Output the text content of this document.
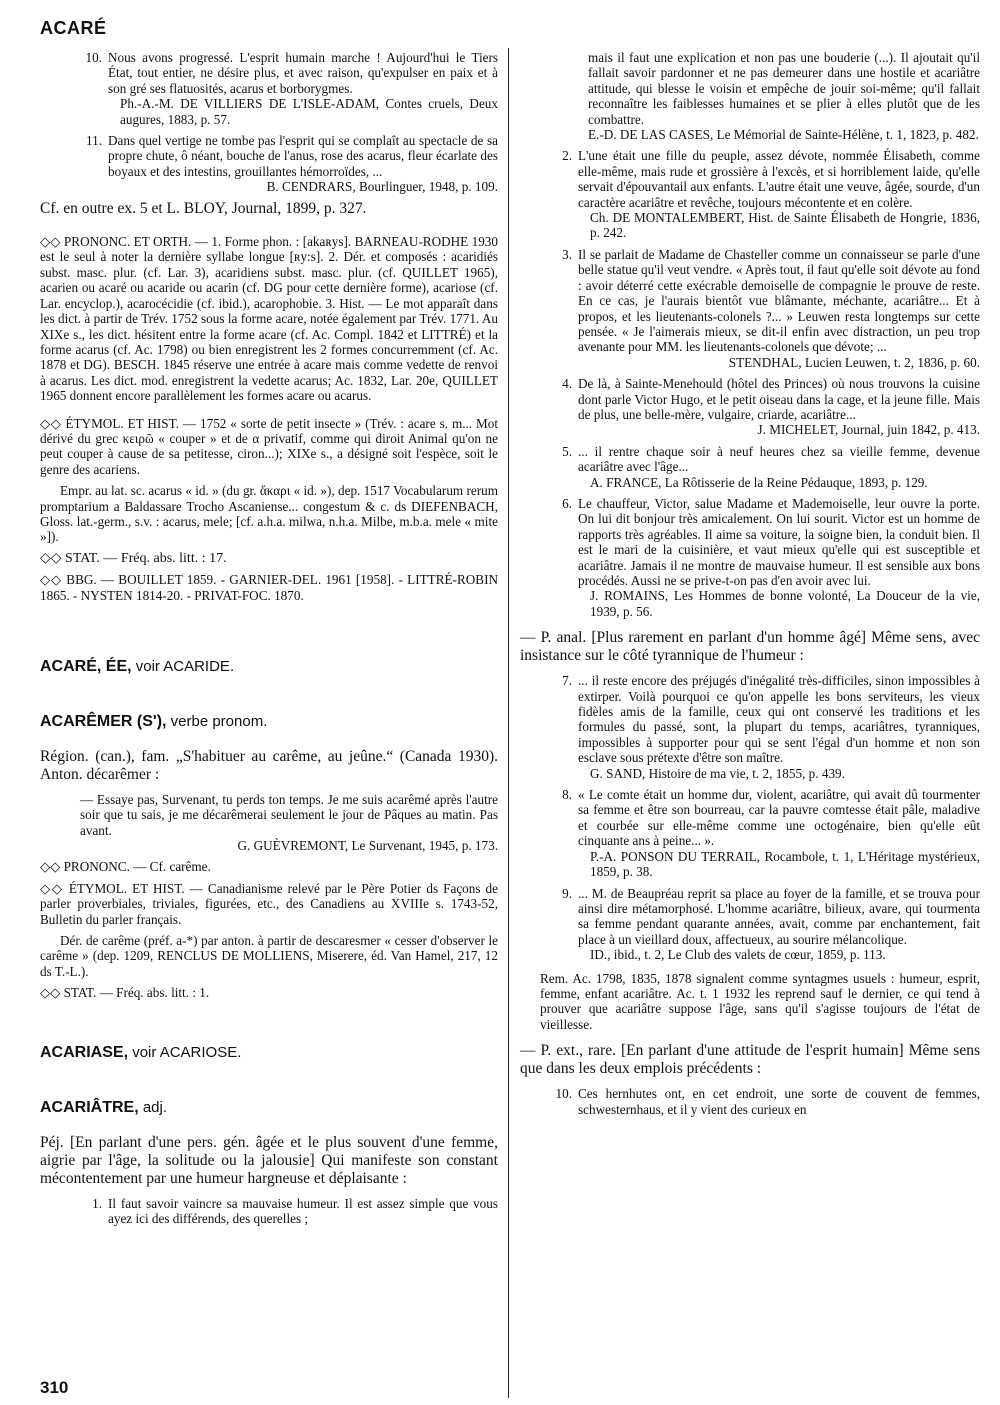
ACARÉ
10. Nous avons progressé. L'esprit humain marche ! Aujourd'hui le Tiers État, tout entier, ne désire plus, et avec raison, qu'expulser en paix et à son gré ses flatuosités, acarus et borborygmes.
Ph.-A.-M. DE VILLIERS DE L'ISLE-ADAM, Contes cruels, Deux augures, 1883, p. 57.
11. Dans quel vertige ne tombe pas l'esprit qui se complaît au spectacle de sa propre chute, ô néant, bouche de l'anus, rose des acarus, fleur écarlate des boyaux et des intestins, grouillantes hémorroïdes, ...
B. CENDRARS, Bourlinguer, 1948, p. 109.
Cf. en outre ex. 5 et L. BLOY, Journal, 1899, p. 327.
◇◇ PRONONC. ET ORTH. — 1. Forme phon. : [akaʀys]. BARNEAU-RODHE 1930 est le seul à noter la dernière syllabe longue [ʀy:s]. 2. Dér. et composés : acaridiés subst. masc. plur. (cf. Lar. 3), acaridiens subst. masc. plur. (cf. QUILLET 1965), acarien ou acaré ou acaride ou acarin (cf. DG pour cette dernière forme), acariose (cf. Lar. encyclop.), acarocécidie (cf. ibid.), acarophobie. 3. Hist. — Le mot apparaît dans les dict. à partir de Trév. 1752 sous la forme acare, notée également par Trév. 1771. Au XIXe s., les dict. hésitent entre la forme acare (cf. Ac. Compl. 1842 et LITTRÉ) et la forme acarus (cf. Ac. 1798) ou bien enregistrent les 2 formes concurremment (cf. Ac. 1878 et DG). BESCH. 1845 réserve une entrée à acare mais comme vedette de renvoi à acarus. Les dict. mod. enregistrent la vedette acarus; Ac. 1832, Lar. 20e, QUILLET 1965 donnent encore parallèlement les formes acare ou acarus.
◇◇ ÉTYMOL. ET HIST. — 1752 « sorte de petit insecte » (Trév. : acare s. m... Mot dérivé du grec κειρῶ « couper » et de α privatif, comme qui diroit Animal qu'on ne peut couper à cause de sa petitesse, ciron...); XIXe s., a désigné soit l'espèce, soit le genre des acariens.
Empr. au lat. sc. acarus « id. » (du gr. ἄκαρι « id. »), dep. 1517 Vocabularum rerum promptarium a Baldassare Trocho Ascaniense... congestum & c. ds DIEFENBACH, Gloss. lat.-germ., s.v. : acarus, mele; [cf. a.h.a. milwa, n.h.a. Milbe, m.b.a. mele « mite »]).
◇◇ STAT. — Fréq. abs. litt. : 17.
◇◇ BBG. — BOUILLET 1859. - GARNIER-DEL. 1961 [1958]. - LITTRÉ-ROBIN 1865. - NYSTEN 1814-20. - PRIVAT-FOC. 1870.
ACARÉ, ÉE, voir ACARIDE.
ACARÊMER (S'), verbe pronom.
Région. (can.), fam. „S'habituer au carême, au jeûne.“ (Canada 1930). Anton. décarêmer :
— Essaye pas, Survenant, tu perds ton temps. Je me suis acarêmé après l'autre soir que tu sais, je me décarêmerai seulement le jour de Pâques au matin. Pas avant.
G. GUÈVREMONT, Le Survenant, 1945, p. 173.
◇◇ PRONONC. — Cf. carême.
◇◇ ÉTYMOL. ET HIST. — Canadianisme relevé par le Père Potier ds Façons de parler proverbiales, triviales, figurées, etc., des Canadiens au XVIIIe s. 1743-52, Bulletin du parler français.
Dér. de carême (préf. a-*) par anton. à partir de descaresmer « cesser d'observer le carême » (dep. 1209, RENCLUS DE MOLLIENS, Miserere, éd. Van Hamel, 217, 12 ds T.-L.).
◇◇ STAT. — Fréq. abs. litt. : 1.
ACARIASE, voir ACARIOSE.
ACARIÂTRE, adj.
Péj. [En parlant d'une pers. gén. âgée et le plus souvent d'une femme, aigrie par l'âge, la solitude ou la jalousie] Qui manifeste son constant mécontentement par une humeur hargneuse et déplaisante :
1. Il faut savoir vaincre sa mauvaise humeur. Il est assez simple que vous ayez ici des différends, des querelles ;
mais il faut une explication et non pas une bouderie (...). Il ajoutait qu'il fallait savoir pardonner et ne pas demeurer dans une hostile et acariâtre attitude, qui blesse le voisin et empêche de jouir soi-même; qu'il fallait reconnaître les faiblesses humaines et se plier à elles plutôt que de les combattre.
E.-D. DE LAS CASES, Le Mémorial de Sainte-Hélène, t. 1, 1823, p. 482.
2. L'une était une fille du peuple, assez dévote, nommée Élisabeth, comme elle-même, mais rude et grossière à l'excès, et si horriblement laide, qu'elle servait d'épouvantail aux enfants. L'autre était une veuve, âgée, sourde, d'un caractère acariâtre et revêche, toujours mécontente et en colère.
Ch. DE MONTALEMBERT, Hist. de Sainte Élisabeth de Hongrie, 1836, p. 242.
3. Il se parlait de Madame de Chasteller comme un connaisseur se parle d'une belle statue qu'il veut vendre. « Après tout, il faut qu'elle soit dévote au fond : avoir déterré cette exécrable demoiselle de compagnie le prouve de reste. En ce cas, je l'aurais bientôt vue blâmante, méchante, acariâtre... Et à propos, et les lieutenants-colonels ?... » Leuwen resta longtemps sur cette pensée. « Je l'aimerais mieux, se dit-il enfin avec distraction, un peu trop avenante pour MM. les lieutenants-colonels que dévote; ...
STENDHAL, Lucien Leuwen, t. 2, 1836, p. 60.
4. De là, à Sainte-Menehould (hôtel des Princes) où nous trouvons la cuisine dont parle Victor Hugo, et le petit oiseau dans la cage, et la jeune fille. Mais de plus, une belle-mère, vulgaire, criarde, acariâtre...
J. MICHELET, Journal, juin 1842, p. 413.
5. ... il rentre chaque soir à neuf heures chez sa vieille femme, devenue acariâtre avec l'âge...
A. FRANCE, La Rôtisserie de la Reine Pédauque, 1893, p. 129.
6. Le chauffeur, Victor, salue Madame et Mademoiselle, leur ouvre la porte. On lui dit bonjour très amicalement. On lui sourit. Victor est un homme de rapports très agréables. Il aime sa voiture, la soigne bien, la conduit bien. Il est le mari de la cuisinière, et vaut mieux qu'elle qui est susceptible et acariâtre. Jamais il ne montre de mauvaise humeur. Il est sensible aux bons procédés. Aussi ne se prive-t-on pas d'en avoir avec lui.
J. ROMAINS, Les Hommes de bonne volonté, La Douceur de la vie, 1939, p. 56.
— P. anal. [Plus rarement en parlant d'un homme âgé] Même sens, avec insistance sur le côté tyrannique de l'humeur :
7. ... il reste encore des préjugés d'inégalité très-difficiles, sinon impossibles à extirper. Voilà pourquoi ce qu'on appelle les bons serviteurs, les vieux fidèles amis de la famille, ceux qui ont conservé les traditions et les formules du passé, sont, la plupart du temps, acariâtres, tyranniques, impossibles à supporter pour qui se sent l'égal d'un homme et non son esclave sous prétexte d'être son maître.
G. SAND, Histoire de ma vie, t. 2, 1855, p. 439.
8. « Le comte était un homme dur, violent, acariâtre, qui avait dû tourmenter sa femme et être son bourreau, car la pauvre comtesse était pâle, maladive et courbée sur elle-même comme une octogénaire, bien qu'elle eût cinquante ans à peine... ».
P.-A. PONSON DU TERRAIL, Rocambole, t. 1, L'Héritage mystérieux, 1859, p. 38.
9. ... M. de Beaupréau reprit sa place au foyer de la famille, et se trouva pour ainsi dire métamorphosé. L'homme acariâtre, bilieux, avare, qui tourmenta sa femme pendant quarante années, avait, comme par enchantement, fait place à un vieillard doux, affectueux, au sourire mélancolique.
ID., ibid., t. 2, Le Club des valets de cœur, 1859, p. 113.
Rem. Ac. 1798, 1835, 1878 signalent comme syntagmes usuels : humeur, esprit, femme, enfant acariâtre. Ac. t. 1 1932 les reprend sauf le dernier, ce qui tend à prouver que acariâtre suppose l'âge, sans qu'il s'agisse toujours de l'état de vieillesse.
— P. ext., rare. [En parlant d'une attitude de l'esprit humain] Même sens que dans les deux emplois précédents :
10. Ces hernhutes ont, en cet endroit, une sorte de couvent de femmes, schwesternhaus, et il y vient des curieux en
310
